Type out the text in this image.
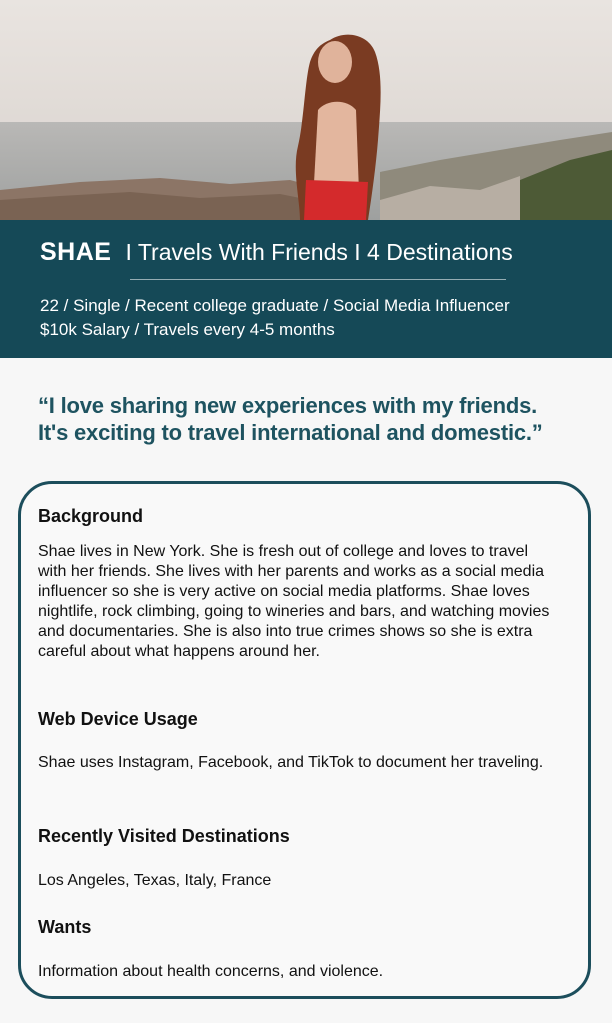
SHAE I Travels With Friends I 4 Destinations
22 / Single / Recent college graduate / Social Media Influencer
$10k Salary / Travels every 4-5 months
“I love sharing new experiences with my friends.
It's exciting to travel international and domestic.”
Background
Shae lives in New York. She is fresh out of college and loves to travel with her friends. She lives with her parents and works as a social media influencer so she is very active on social media platforms. Shae loves nightlife, rock climbing, going to wineries and bars, and watching movies and documentaries. She is also into true crimes shows so she is extra careful about what happens around her.
Web Device Usage
Shae uses Instagram, Facebook, and TikTok to document her traveling.
Recently Visited Destinations
Los Angeles, Texas, Italy, France
Wants
Information about health concerns, and violence.
